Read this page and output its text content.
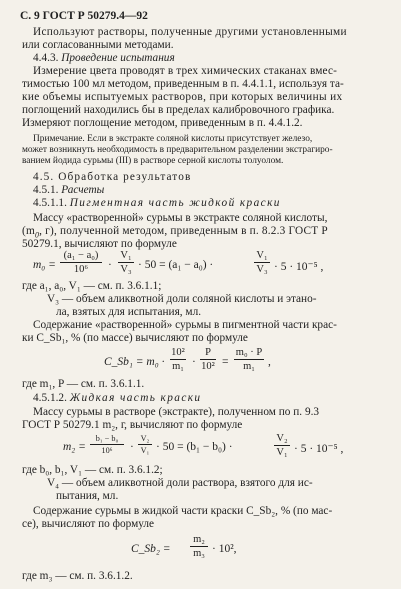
С. 9 ГОСТ Р 50279.4—92
Используют растворы, полученные другими установленными
или согласованными методами.
4.4.3. Проведение испытания
Измерение цвета проводят в трех химических стаканах вмес-
тимостью 100 мл методом, приведенным в п. 4.4.1.1, используя та-
кие объемы испытуемых растворов, при которых величины их
поглощений находились бы в пределах калибровочного графика.
Измеряют поглощение методом, приведенным в п. 4.4.1.2.
Примечание. Если в экстракте соляной кислоты присутствует железо,
может возникнуть необходимость в предварительном разделении экстрагиро-
ванием йодида сурьмы (III) в растворе серной кислоты толуолом.
4.5. Обработка результатов
4.5.1. Расчеты
4.5.1.1. Пигментная часть жидкой краски
Массу «растворенной» сурьмы в экстракте соляной кислоты,
($m_0$, г), полученной методом, приведенным в п. 8.2.3 ГОСТ Р
50279.1, вычисляют по формуле
m₀ =
(a₁ − a₀)
10⁶ ·
V₁
V₃ · 50 = (a₁ − a₀) ·
V₁
V₃ · 5 · 10⁻⁵ ,
где a₁, a₀, V₁ — см. п. 3.6.1.1;
V₃ — объем аликвотной доли соляной кислоты и этано-
ла, взятых для испытания, мл.
Содержание «растворенной» сурьмы в пигментной части крас-
ки C_Sb₁, % (по массе) вычисляют по формуле
C_Sb₁ = m₀ ·
10²
m₁ ·
P
10² =
m₀ · P
m₁ ,
где m₁, P — см. п. 3.6.1.1.
4.5.1.2. Жидкая часть краски
Массу сурьмы в растворе (экстракте), полученном по п. 9.3
ГОСТ Р 50279.1 m₂, г, вычисляют по формуле
m₂ =
b₁ − b₀
10⁶ ·
V₂
V₁ · 50 = (b₁ − b₀) ·
V₂
V₁ · 5 · 10⁻⁵ ,
где b₀, b₁, V₁ — см. п. 3.6.1.2;
V₄ — объем аликвотной доли раствора, взятого для ис-
пытания, мл.
Содержание сурьмы в жидкой части краски C_Sb₂, % (по мас-
се), вычисляют по формуле
C_Sb₂ =
m₂
m₃ · 10²,
где m₃ — см. п. 3.6.1.2.
